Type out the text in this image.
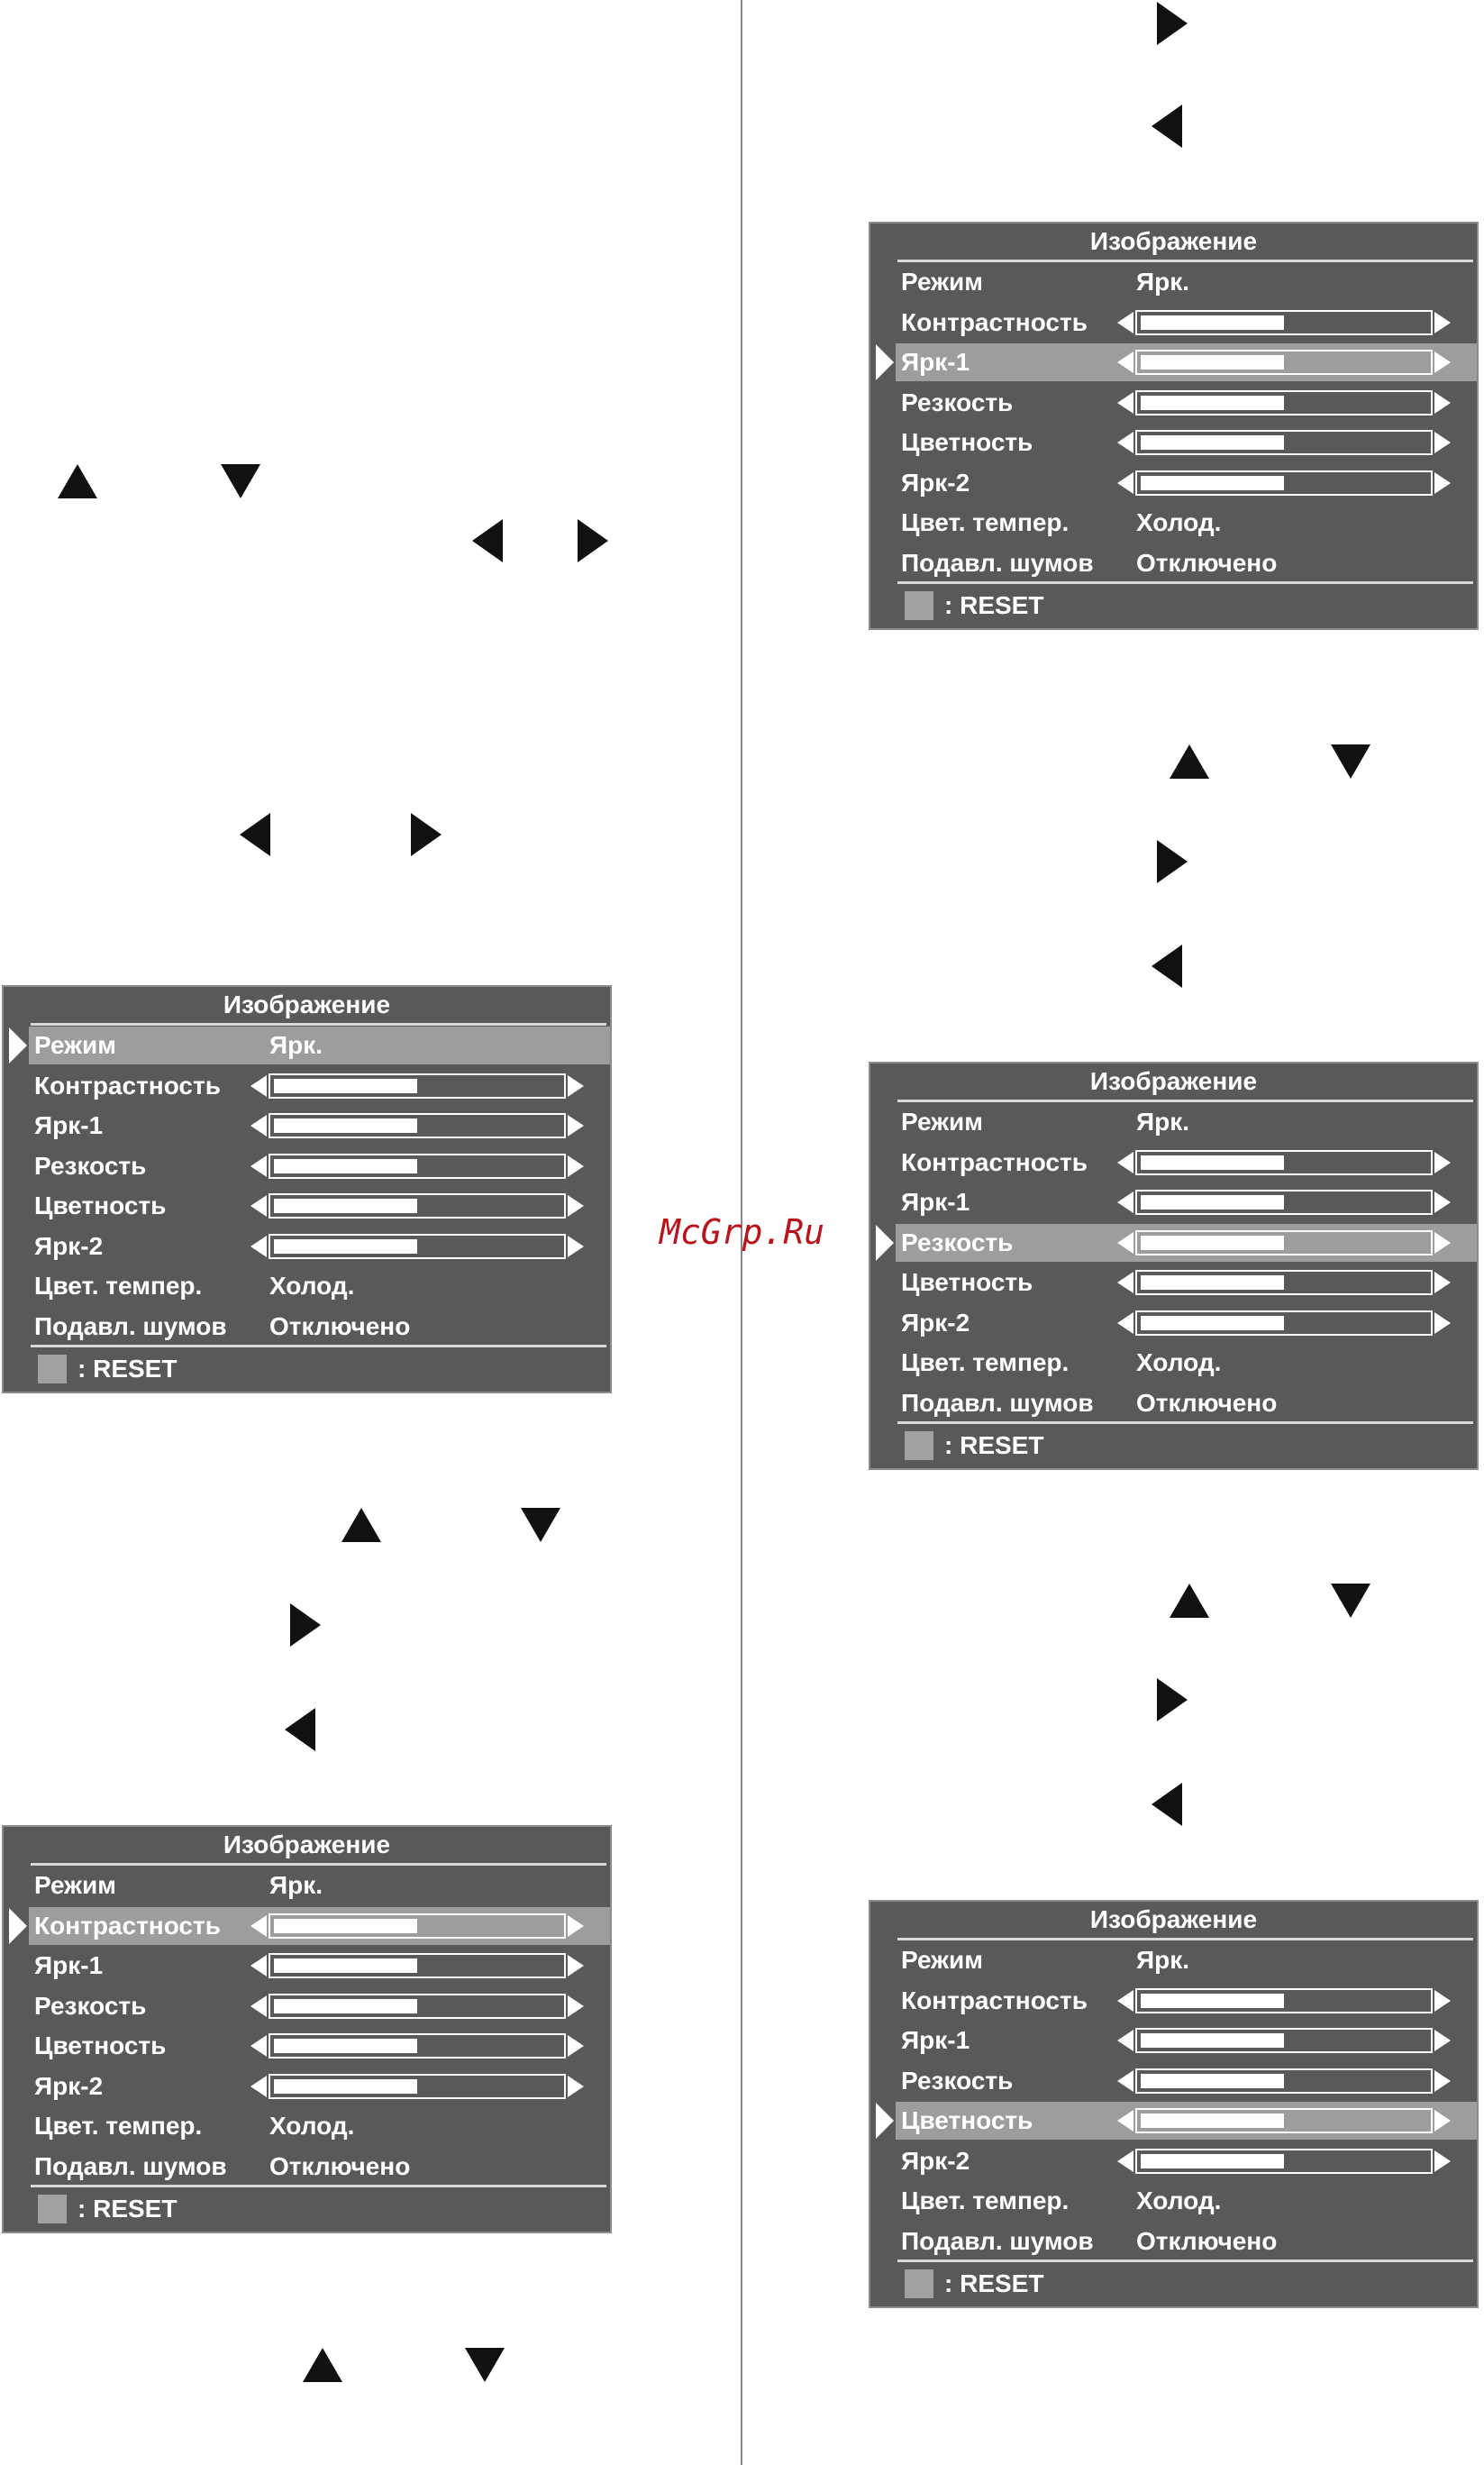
Изображение
Режим	Ярк.
Контрастность
Ярк-1
Резкость
Цветность
Ярк-2
Цвет. темпер.	Холод.
Подавл. шумов Отключено
: RESET
Изображение
Режим	Ярк.
Контрастность
Ярк-1
Резкость
Цветность
Ярк-2
Цвет. темпер.	Холод.
Подавл. шумов Отключено
: RESET
Изображение
Режим	Ярк.
Контрастность
Ярк-1
Резкость
Цветность
Ярк-2
Цвет. темпер.	Холод.
Подавл. шумов Отключено
: RESET
Изображение
Режим	Ярк.
Контрастность
Ярк-1
Резкость
Цветность
Ярк-2
Цвет. темпер.	Холод.
Подавл. шумов Отключено
: RESET
Изображение
Режим	Ярк.
Контрастность
Ярк-1
Резкость
Цветность
Ярк-2
Цвет. темпер.	Холод.
Подавл. шумов Отключено
: RESET
McGrp.Ru
